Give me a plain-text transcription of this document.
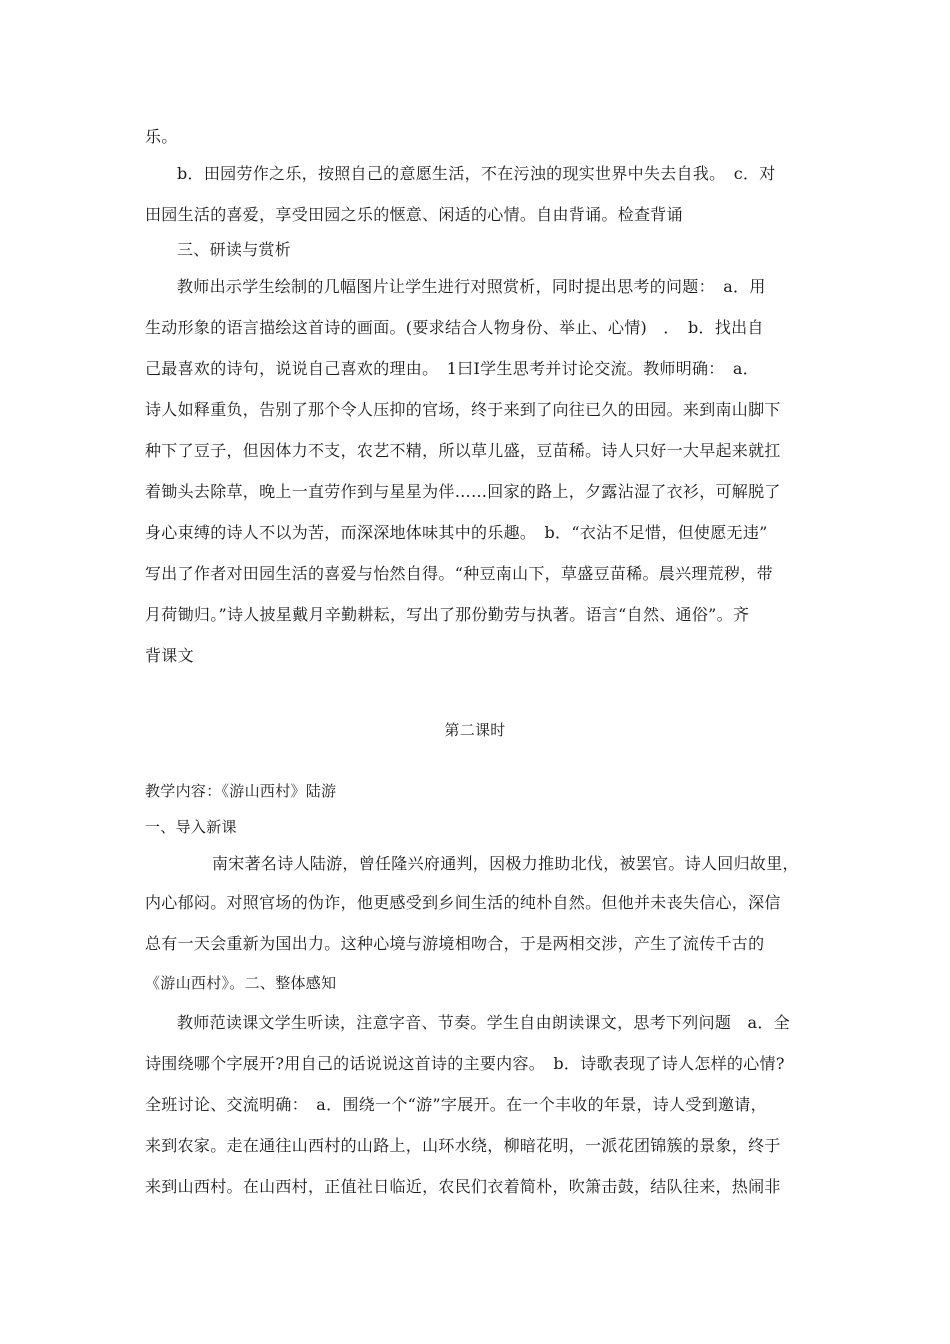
乐。
b．田园劳作之乐，按照自己的意愿生活，不在污浊的现实世界中失去自我。　c．对
田园生活的喜爱，享受田园之乐的惬意、闲适的心情。自由背诵。检查背诵
三、研读与赏析
教师出示学生绘制的几幅图片让学生进行对照赏析，同时提出思考的问题：　a．用
生动形象的语言描绘这首诗的画面。(要求结合人物身份、举止、心情)　．　b．找出自
己最喜欢的诗句，说说自己喜欢的理由。　1曰I学生思考并讨论交流。教师明确：　a．
诗人如释重负，告别了那个令人压抑的官场，终于来到了向往已久的田园。来到南山脚下
种下了豆子，但因体力不支，农艺不精，所以草儿盛，豆苗稀。诗人只好一大早起来就扛
着锄头去除草，晚上一直劳作到与星星为伴……回家的路上，夕露沾湿了衣衫，可解脱了
身心束缚的诗人不以为苦，而深深地体味其中的乐趣。　b．“衣沾不足惜，但使愿无违”
写出了作者对田园生活的喜爱与怡然自得。“种豆南山下，草盛豆苗稀。晨兴理荒秽，带
月荷锄归。”诗人披星戴月辛勤耕耘，写出了那份勤劳与执著。语言“自然、通俗”。齐
背课文
第二课时
教学内容：《游山西村》陆游
一、导入新课
南宋著名诗人陆游，曾任隆兴府通判，因极力推助北伐，被罢官。诗人回归故里，
内心郁闷。对照官场的伪诈，他更感受到乡间生活的纯朴自然。但他并未丧失信心，深信
总有一天会重新为国出力。这种心境与游境相吻合，于是两相交涉，产生了流传千古的
《游山西村》。二、整体感知
教师范读课文学生听读，注意字音、节奏。学生自由朗读课文，思考下列问题　a．全
诗围绕哪个字展开?用自己的话说说这首诗的主要内容。　b．诗歌表现了诗人怎样的心情?
全班讨论、交流明确：　a．围绕一个“游”字展开。在一个丰收的年景，诗人受到邀请，
来到农家。走在通往山西村的山路上，山环水绕，柳暗花明，一派花团锦簇的景象，终于
来到山西村。在山西村，正值社日临近，农民们衣着简朴，吹箫击鼓，结队往来，热闹非
